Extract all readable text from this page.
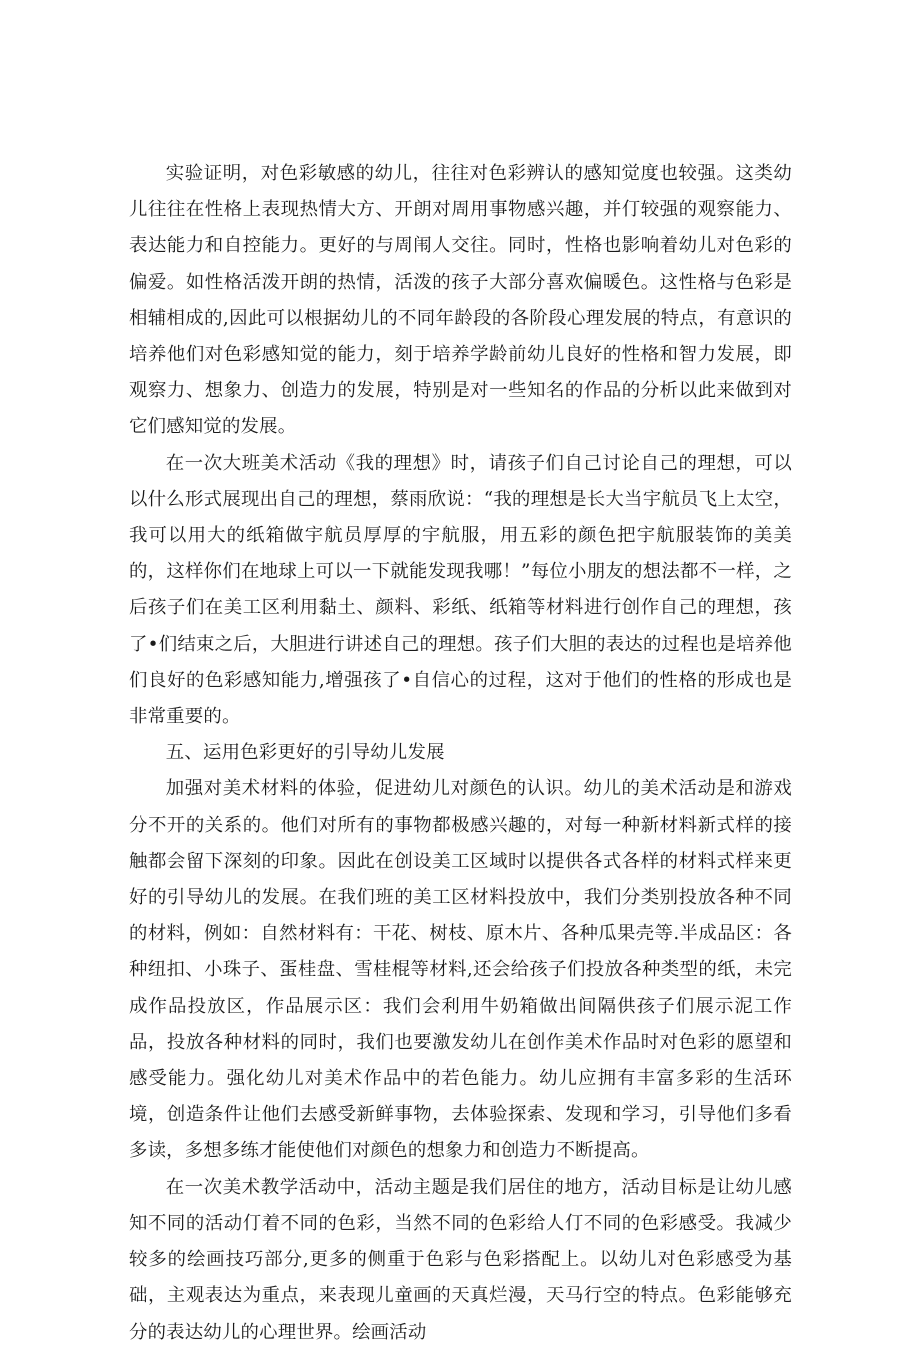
实验证明，对色彩敏感的幼儿，往往对色彩辨认的感知觉度也较强。这类幼儿往往在性格上表现热情大方、开朗对周用事物感兴趣，并仃较强的观察能力、表达能力和自控能力。更好的与周闱人交往。同时，性格也影响着幼儿对色彩的偏爱。如性格活泼开朗的热情，活泼的孩子大部分喜欢偏暖色。这性格与色彩是相辅相成的,因此可以根据幼儿的不同年龄段的各阶段心理发展的特点，有意识的培养他们对色彩感知觉的能力，刻于培养学龄前幼儿良好的性格和智力发展，即观察力、想象力、创造力的发展，特别是对一些知名的作品的分析以此来做到对它们感知觉的发展。

在一次大班美术活动《我的理想》时，请孩子们自己讨论自己的理想，可以以什么形式展现出自己的理想，蔡雨欣说：“我的理想是长大当宇航员飞上太空，我可以用大的纸箱做宇航员厚厚的宇航服，用五彩的颜色把宇航服装饰的美美的，这样你们在地球上可以一下就能发现我哪！”每位小朋友的想法都不一样，之后孩子们在美工区利用黏土、颜料、彩纸、纸箱等材料进行创作自己的理想，孩了•们结束之后，大胆进行讲述自己的理想。孩子们大胆的表达的过程也是培养他们良好的色彩感知能力,增强孩了•自信心的过程，这对于他们的性格的形成也是非常重要的。

五、运用色彩更好的引导幼儿发展

加强对美术材料的体验，促进幼儿对颜色的认识。幼儿的美术活动是和游戏分不开的关系的。他们对所有的事物都极感兴趣的，对每一种新材料新式样的接触都会留下深刻的印象。因此在创设美工区域时以提供各式各样的材料式样来更好的引导幼儿的发展。在我们班的美工区材料投放中，我们分类别投放各种不同的材料，例如：自然材料有：干花、树枝、原木片、各种瓜果壳等.半成品区：各种纽扣、小珠子、蛋桂盘、雪桂棍等材料,还会给孩子们投放各种类型的纸，未完成作品投放区，作品展示区：我们会利用牛奶箱做出间隔供孩子们展示泥工作品，投放各种材料的同时，我们也要激发幼儿在创作美术作品时对色彩的愿望和感受能力。强化幼儿对美术作品中的若色能力。幼儿应拥有丰富多彩的生活环境，创造条件让他们去感受新鲜事物，去体验探索、发现和学习，引导他们多看多读，多想多练才能使他们对颜色的想象力和创造力不断提高。

在一次美术教学活动中，活动主题是我们居住的地方，活动目标是让幼儿感知不同的活动仃着不同的色彩，当然不同的色彩给人仃不同的色彩感受。我减少较多的绘画技巧部分,更多的侧重于色彩与色彩搭配上。以幼儿对色彩感受为基础，主观表达为重点，来表现儿童画的天真烂漫，天马行空的特点。色彩能够充分的表达幼儿的心理世界。绘画活动
